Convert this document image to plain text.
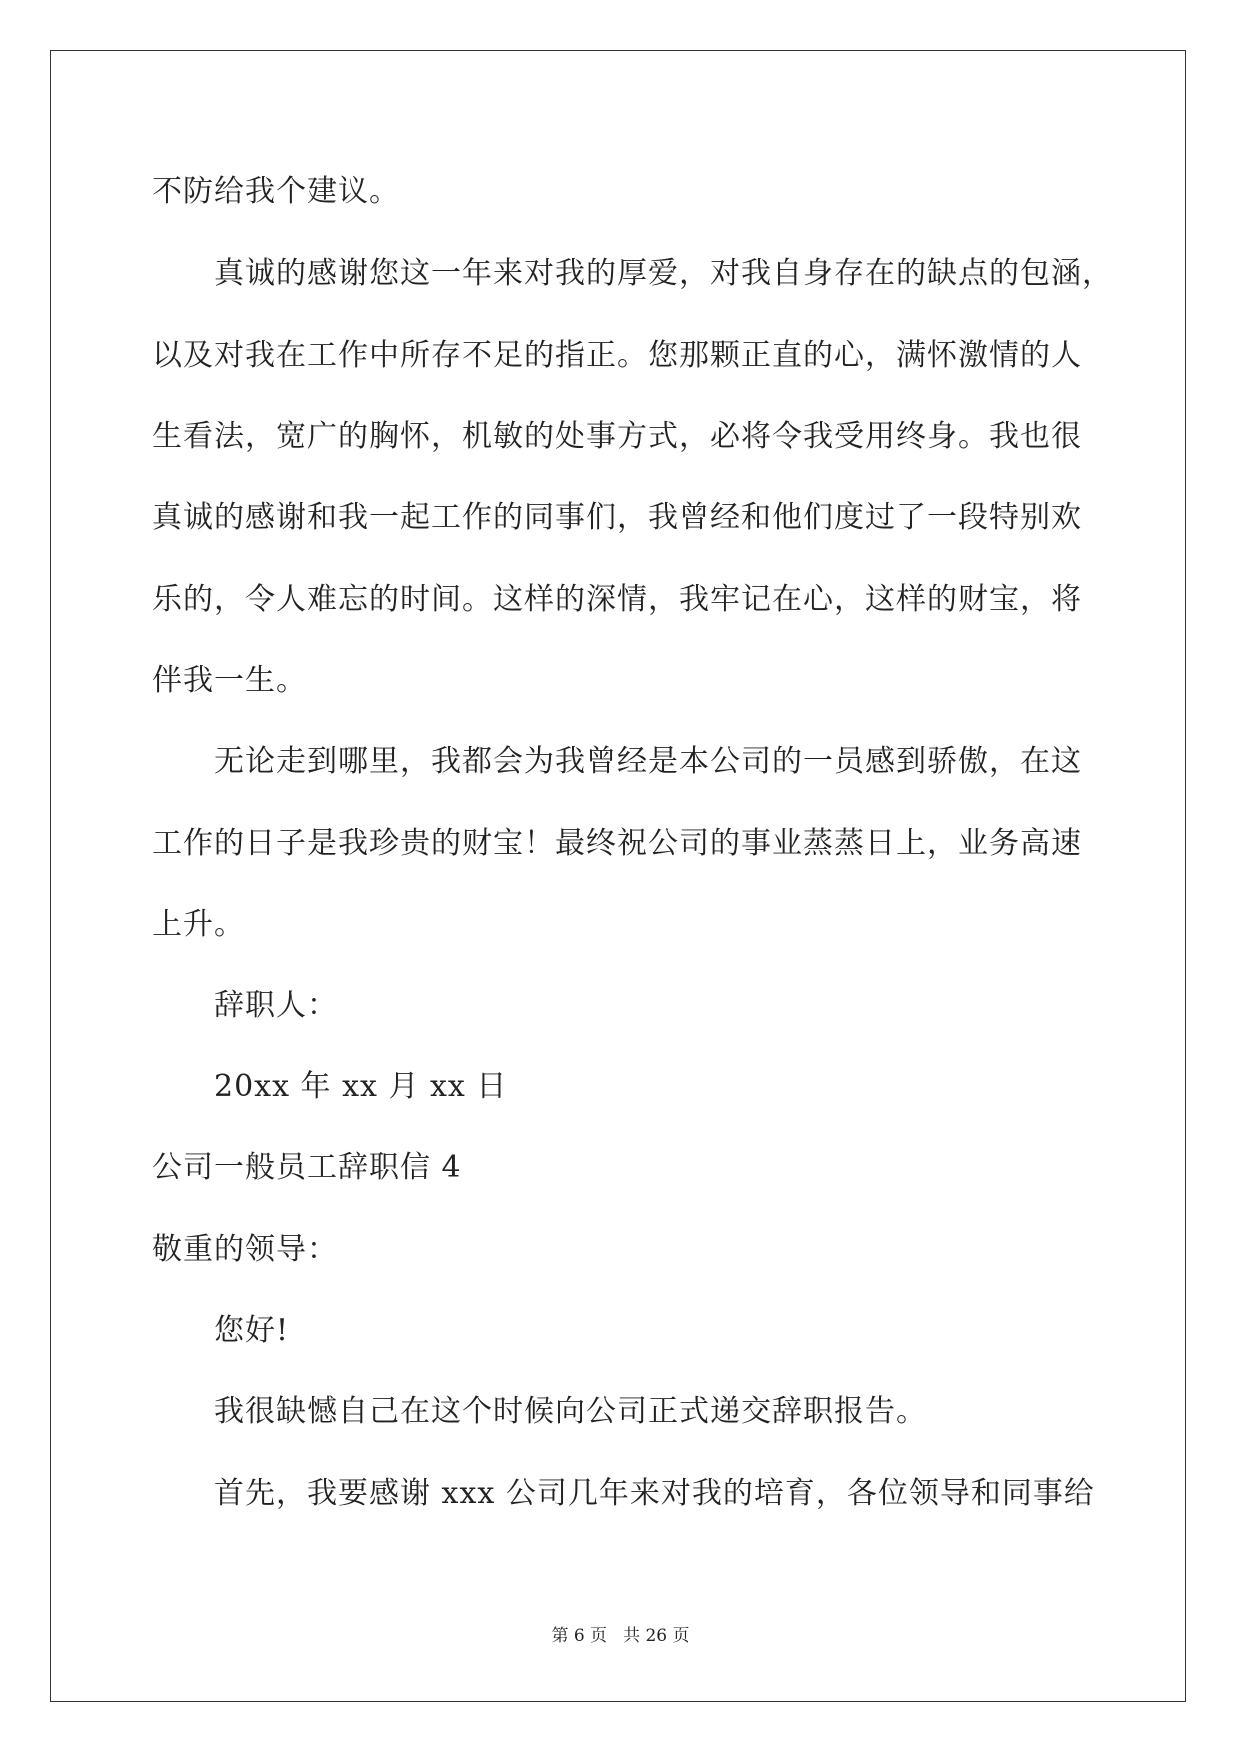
不防给我个建议。
真诚的感谢您这一年来对我的厚爱，对我自身存在的缺点的包涵，
以及对我在工作中所存不足的指正。您那颗正直的心，满怀激情的人
生看法，宽广的胸怀，机敏的处事方式，必将令我受用终身。我也很
真诚的感谢和我一起工作的同事们，我曾经和他们度过了一段特别欢
乐的，令人难忘的时间。这样的深情，我牢记在心，这样的财宝，将
伴我一生。
无论走到哪里，我都会为我曾经是本公司的一员感到骄傲，在这
工作的日子是我珍贵的财宝！最终祝公司的事业蒸蒸日上，业务高速
上升。
辞职人：
20xx 年 xx 月 xx 日
公司一般员工辞职信 4
敬重的领导：
您好!
我很缺憾自己在这个时候向公司正式递交辞职报告。
首先，我要感谢 xxx 公司几年来对我的培育，各位领导和同事给
第 6 页 共 26 页
